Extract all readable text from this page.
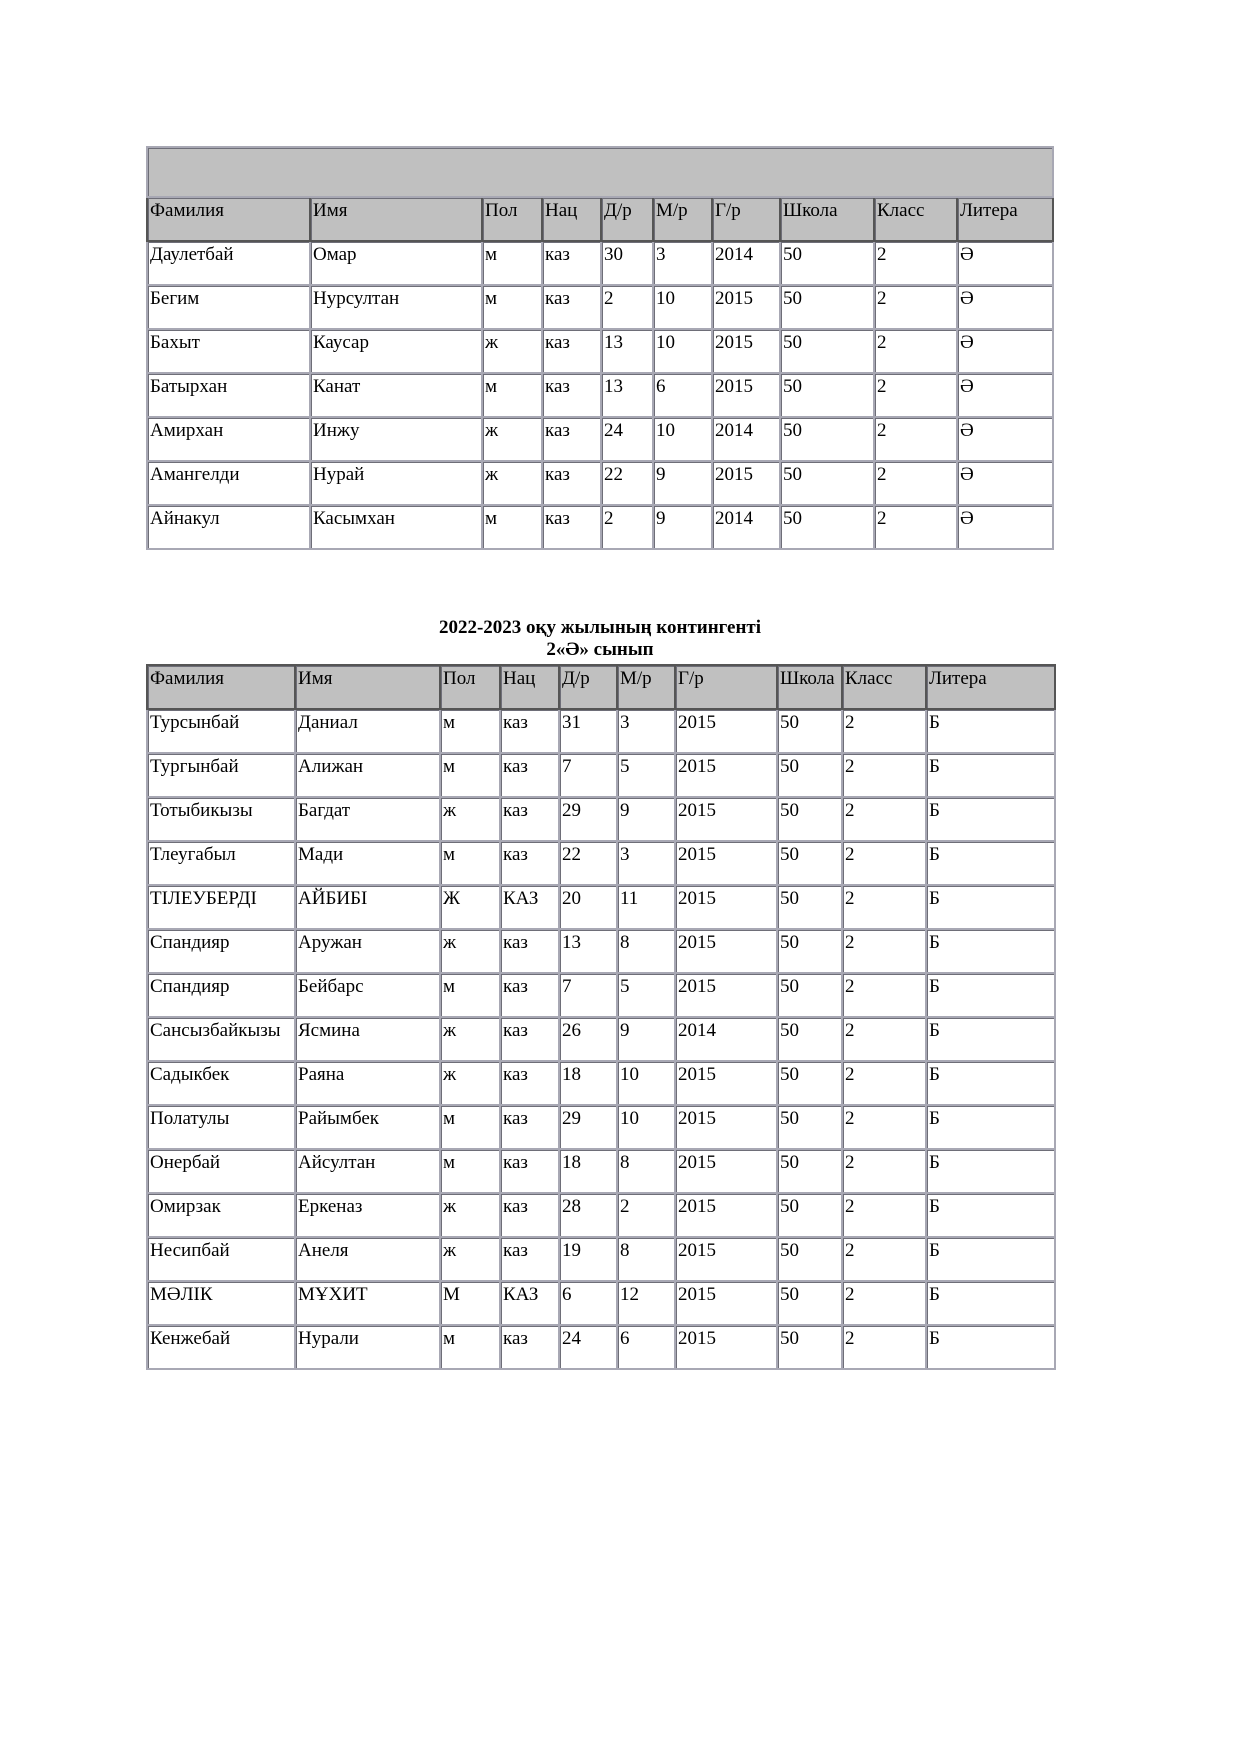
Фамилия	Имя	Пол	Нац	Д/р	М/р	Г/р	Школа	Класс	Литера
Даулетбай	Омар	м	каз	30	3	2014	50	2	Ә
Бегим	Нурсултан	м	каз	2	10	2015	50	2	Ә
Бахыт	Каусар	ж	каз	13	10	2015	50	2	Ә
Батырхан	Канат	м	каз	13	6	2015	50	2	Ә
Амирхан	Инжу	ж	каз	24	10	2014	50	2	Ә
Амангелди	Нурай	ж	каз	22	9	2015	50	2	Ә
Айнакул	Касымхан	м	каз	2	9	2014	50	2	Ә
2022-2023 оқу жылының контингенті
2«Ә» сынып
Фамилия	Имя	Пол	Нац	Д/р	М/р	Г/р	Школа	Класс	Литера
Турсынбай	Даниал	м	каз	31	3	2015	50	2	Б
Тургынбай	Алижан	м	каз	7	5	2015	50	2	Б
Тотыбикызы	Багдат	ж	каз	29	9	2015	50	2	Б
Тлеугабыл	Мади	м	каз	22	3	2015	50	2	Б
ТІЛЕУБЕРДІ	АЙБИБІ	Ж	КАЗ	20	11	2015	50	2	Б
Спандияр	Аружан	ж	каз	13	8	2015	50	2	Б
Спандияр	Бейбарс	м	каз	7	5	2015	50	2	Б
Сансызбайкызы	Ясмина	ж	каз	26	9	2014	50	2	Б
Садыкбек	Раяна	ж	каз	18	10	2015	50	2	Б
Полатулы	Райымбек	м	каз	29	10	2015	50	2	Б
Онербай	Айсултан	м	каз	18	8	2015	50	2	Б
Омирзак	Еркеназ	ж	каз	28	2	2015	50	2	Б
Несипбай	Анеля	ж	каз	19	8	2015	50	2	Б
МӘЛІК	МҰХИТ	М	КАЗ	6	12	2015	50	2	Б
Кенжебай	Нурали	м	каз	24	6	2015	50	2	Б
